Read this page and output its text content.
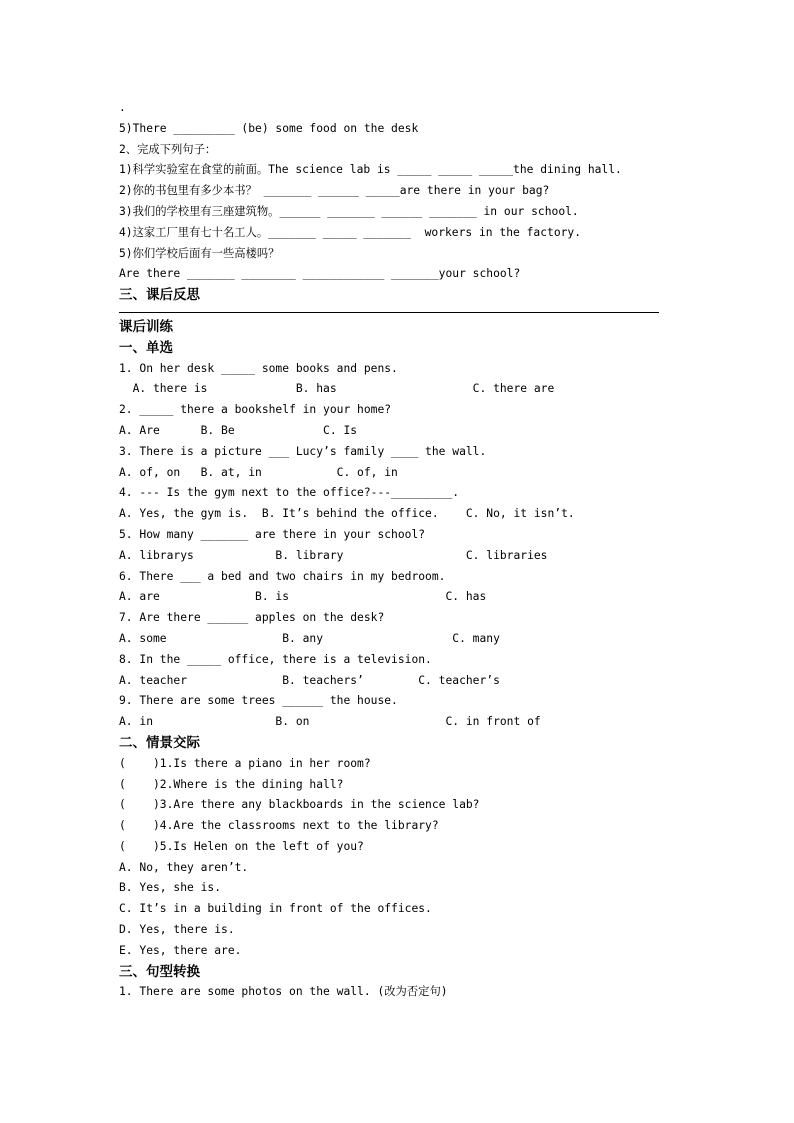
.
5)There _________ (be) some food on the desk
2、完成下列句子：
1)科学实验室在食堂的前面。The science lab is _____ _____ _____the dining hall.
2)你的书包里有多少本书？ _______ ______ _____are there in your bag?
3)我们的学校里有三座建筑物。______ _______ ______ _______ in our school.
4)这家工厂里有七十名工人。_______ _____ _______  workers in the factory.
5)你们学校后面有一些高楼吗？
Are there _______ ________ ____________ _______your school?
三、课后反思
课后训练
一、单选
1. On her desk _____ some books and pens.
A. there is             B. has                    C. there are
2. _____ there a bookshelf in your home?
A. Are      B. Be             C. Is
3. There is a picture ___ Lucy’s family ____ the wall.
A. of, on   B. at, in           C. of, in
4. --- Is the gym next to the office?---_________.
A. Yes, the gym is.  B. It’s behind the office.    C. No, it isn’t.
5. How many _______ are there in your school?
A. librarys            B. library                  C. libraries
6. There ___ a bed and two chairs in my bedroom.
A. are              B. is                       C. has
7. Are there ______ apples on the desk?
A. some                 B. any                   C. many
8. In the _____ office, there is a television.
A. teacher              B. teachers’        C. teacher’s
9. There are some trees ______ the house.
A. in                  B. on                    C. in front of
二、情景交际
(    )1.Is there a piano in her room?
(    )2.Where is the dining hall?
(    )3.Are there any blackboards in the science lab?
(    )4.Are the classrooms next to the library?
(    )5.Is Helen on the left of you?
A. No, they aren’t.
B. Yes, she is.
C. It’s in a building in front of the offices.
D. Yes, there is.
E. Yes, there are.
三、句型转换
1. There are some photos on the wall. (改为否定句)
